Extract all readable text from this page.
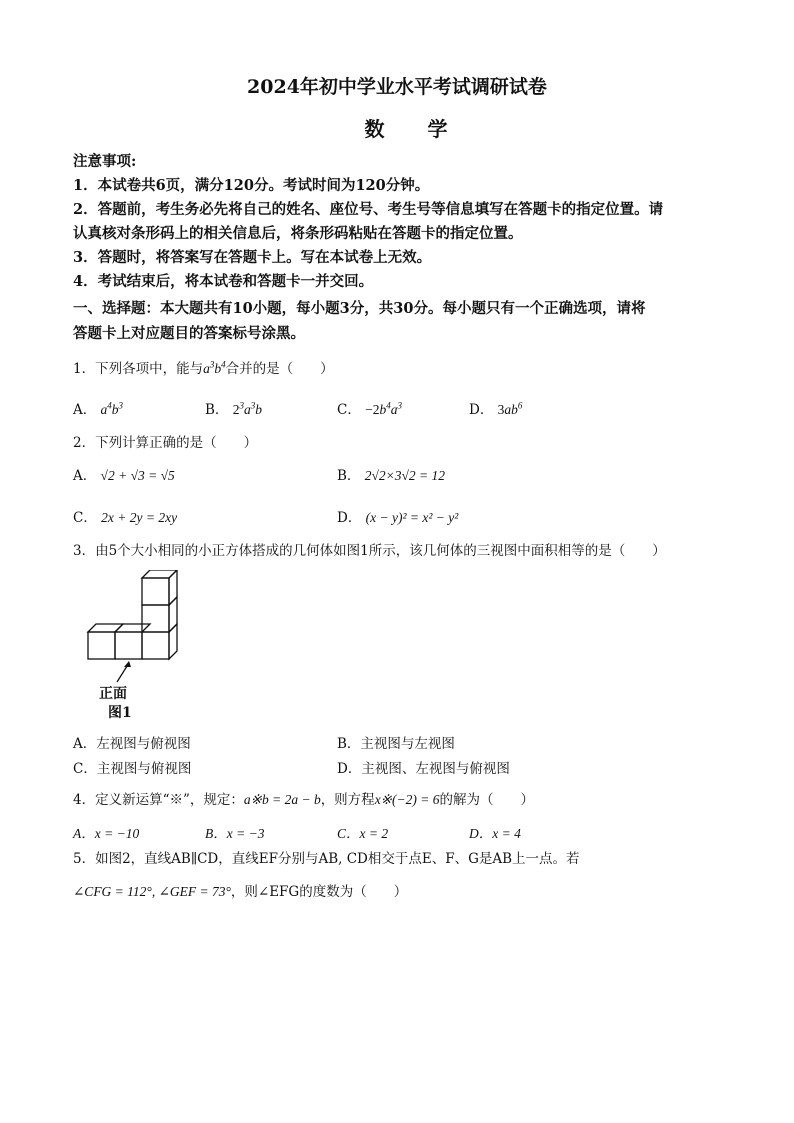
2024年初中学业水平考试调研试卷
数 学
注意事项:
1．本试卷共6页，满分120分。考试时间为120分钟。
2．答题前，考生务必先将自己的姓名、座位号、考生号等信息填写在答题卡的指定位置。请
认真核对条形码上的相关信息后，将条形码粘贴在答题卡的指定位置。
3．答题时，将答案写在答题卡上。写在本试卷上无效。
4．考试结束后，将本试卷和答题卡一并交回。
一、选择题：本大题共有10小题，每小题3分，共30分。每小题只有一个正确选项，请将
答题卡上对应题目的答案标号涂黑。
1．下列各项中，能与$a^3b^4$合并的是（　　）
A． $a^4b^3$	B． $2^3a^3b$	C． $-2b^4a^3$	D． $3ab^6$
2．下列计算正确的是（　　）
A． √2 + √3 = √5	B． 2√2×3√2 = 12
C． 2x + 2y = 2xy	D． (x − y)² = x² − y²
3．由5个大小相同的小正方体搭成的几何体如图1所示，该几何体的三视图中面积相等的是（　　）
正面
图1
A．左视图与俯视图	B．主视图与左视图
C．主视图与俯视图	D．主视图、左视图与俯视图
4．定义新运算“※”，规定：a※b = 2a − b，则方程x※(−2) = 6的解为（　　）
A．x = −10	B．x = −3	C．x = 2	D．x = 4
5．如图2，直线AB∥CD，直线EF分别与AB, CD相交于点E、F、G是AB上一点。若
∠CFG = 112°, ∠GEF = 73°，则∠EFG的度数为（　　）
